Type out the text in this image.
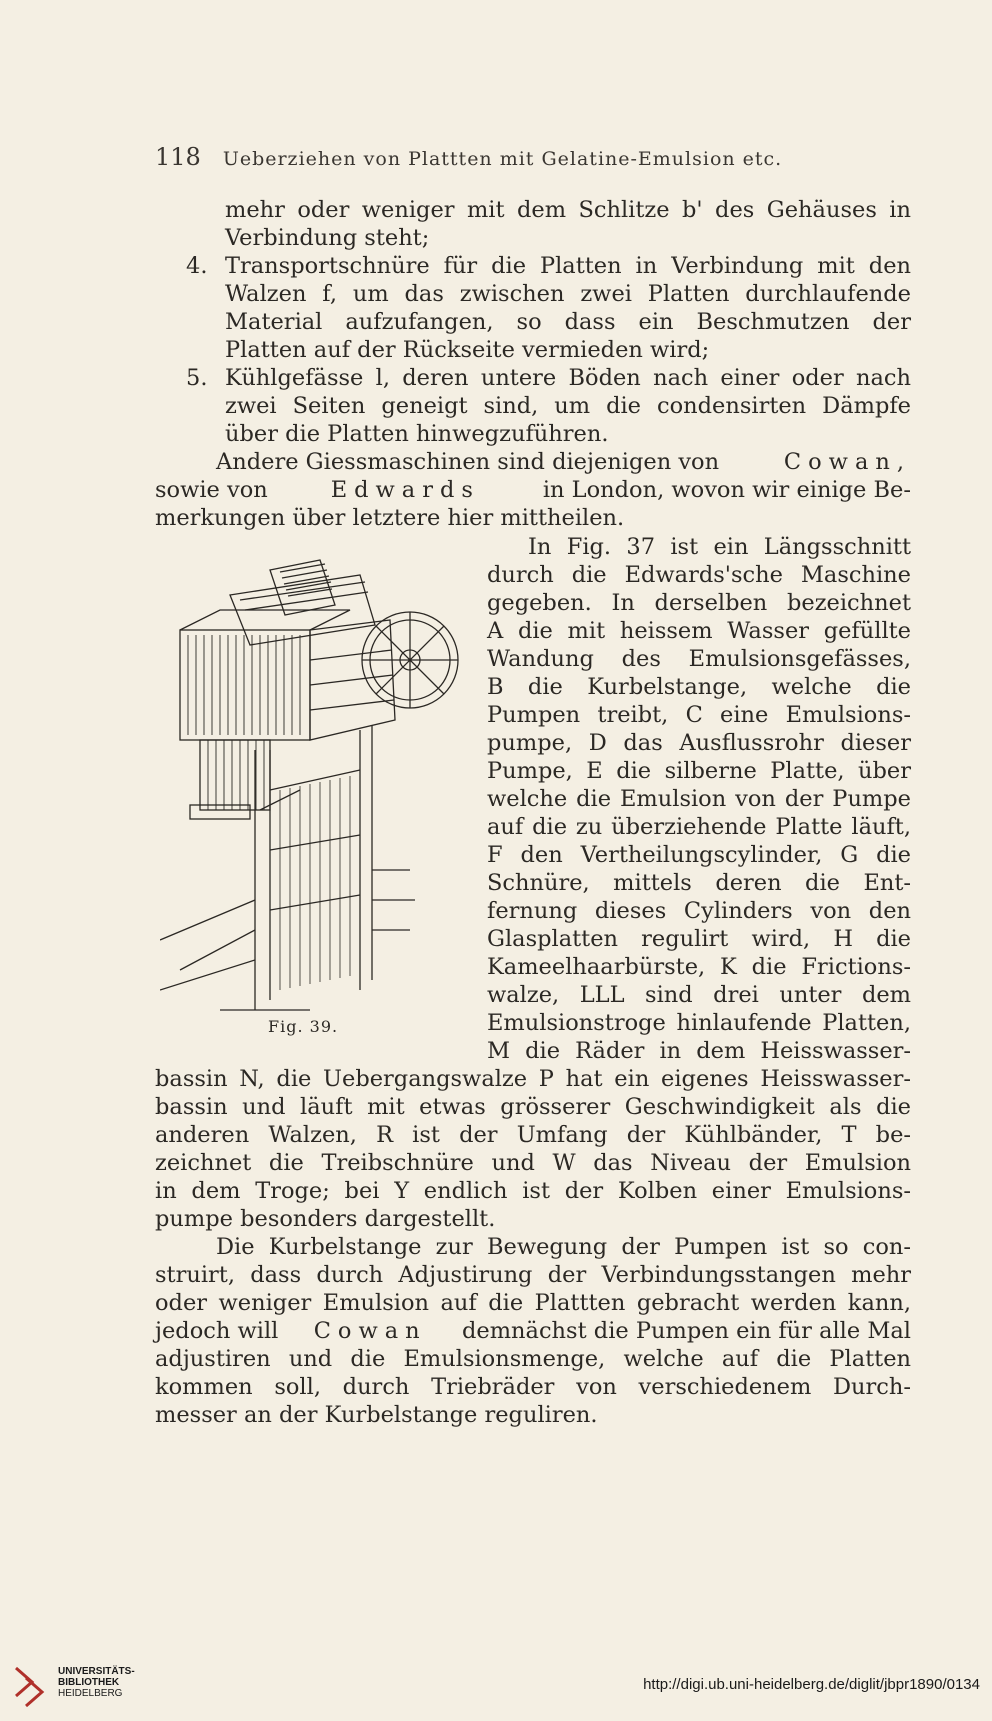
118 Ueberziehen von Plattten mit Gelatine-Emulsion etc.
mehr oder weniger mit dem Schlitze b' des Gehäuses in
Verbindung steht;
4. Transportschnüre für die Platten in Verbindung mit den
Walzen f, um das zwischen zwei Platten durchlaufende
Material aufzufangen, so dass ein Beschmutzen der
Platten auf der Rückseite vermieden wird;
5. Kühlgefässe l, deren untere Böden nach einer oder nach
zwei Seiten geneigt sind, um die condensirten Dämpfe
über die Platten hinwegzuführen.
Andere Giessmaschinen sind diejenigen von	Cowan,
sowie von	Edwards	in London, wovon wir einige Be-
merkungen über letztere hier mittheilen.
In Fig. 37 ist ein Längsschnitt
durch die Edwards'sche Maschine
gegeben. In derselben bezeichnet
A die mit heissem Wasser gefüllte
Wandung des Emulsionsgefässes,
B die Kurbelstange, welche die
Pumpen treibt, C eine Emulsions-
pumpe, D das Ausflussrohr dieser
Pumpe, E die silberne Platte, über
welche die Emulsion von der Pumpe
auf die zu überziehende Platte läuft,
F den Vertheilungscylinder, G die
Schnüre, mittels deren die Ent-
fernung dieses Cylinders von den
Glasplatten regulirt wird, H die
Kameelhaarbürste, K die Frictions-
walze, LLL sind drei unter dem
Emulsionstroge hinlaufende Platten,
M die Räder in dem Heisswasser-
Fig. 39.
bassin N, die Uebergangswalze P hat ein eigenes Heisswasser-
bassin und läuft mit etwas grösserer Geschwindigkeit als die
anderen Walzen, R ist der Umfang der Kühlbänder, T be-
zeichnet die Treibschnüre und W das Niveau der Emulsion
in dem Troge; bei Y endlich ist der Kolben einer Emulsions-
pumpe besonders dargestellt.
Die Kurbelstange zur Bewegung der Pumpen ist so con-
struirt, dass durch Adjustirung der Verbindungsstangen mehr
oder weniger Emulsion auf die Plattten gebracht werden kann,
jedoch will Cowan demnächst die Pumpen ein für alle Mal
adjustiren und die Emulsionsmenge, welche auf die Platten
kommen soll, durch Triebräder von verschiedenem Durch-
messer an der Kurbelstange reguliren.
UNIVERSITÄTS-
BIBLIOTHEK
HEIDELBERG
http://digi.ub.uni-heidelberg.de/diglit/jbpr1890/0134
